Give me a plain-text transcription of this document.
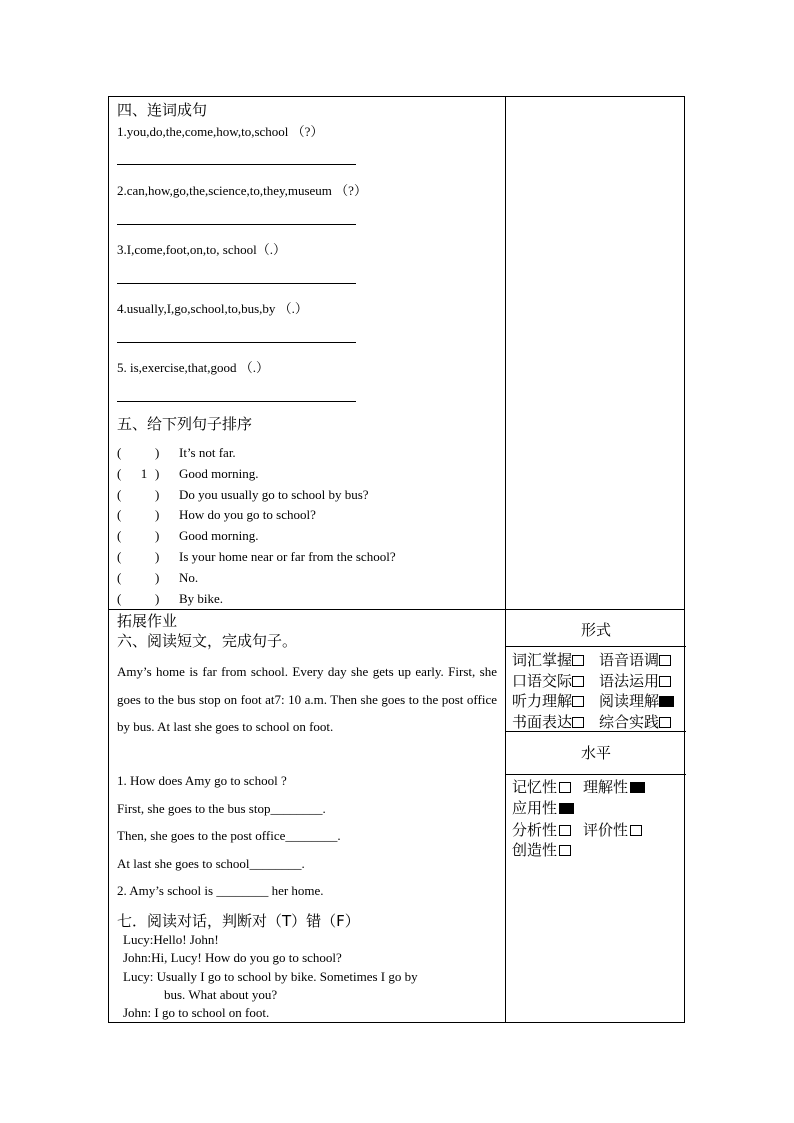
四、连词成句
1.you,do,the,come,how,to,school （?）
2.can,how,go,the,science,to,they,museum （?）
3.I,come,foot,on,to, school（.）
4.usually,I,go,school,to,bus,by （.）
5. is,exercise,that,good （.）
五、给下列句子排序
(	) It’s not far.
( 1 ) Good morning.
(	) Do you usually go to school by bus?
(	) How do you go to school?
(	) Good morning.
(	) Is your home near or far from the school?
(	) No.
(	) By bike.
拓展作业
六、阅读短文，完成句子。
Amy’s home is far from school. Every day she gets up early. First, she goes to the bus stop on foot at7: 10 a.m. Then she goes to the post office by bus. At last she goes to school on foot.
1. How does Amy go to school ?
First, she goes to the bus stop________.
Then, she goes to the post office________.
At last she goes to school________.
2. Amy’s school is ________ her home.
七．阅读对话，判断对（T）错（F）
Lucy:Hello! John!
John:Hi, Lucy! How do you go to school?
Lucy: Usually I go to school by bike. Sometimes I go by
bus. What about you?
John: I go to school on foot.
形式
词汇掌握	语音语调
口语交际	语法运用
听力理解	阅读理解
书面表达	综合实践
水平
记忆性	理解性
应用性
分析性	评价性
创造性
